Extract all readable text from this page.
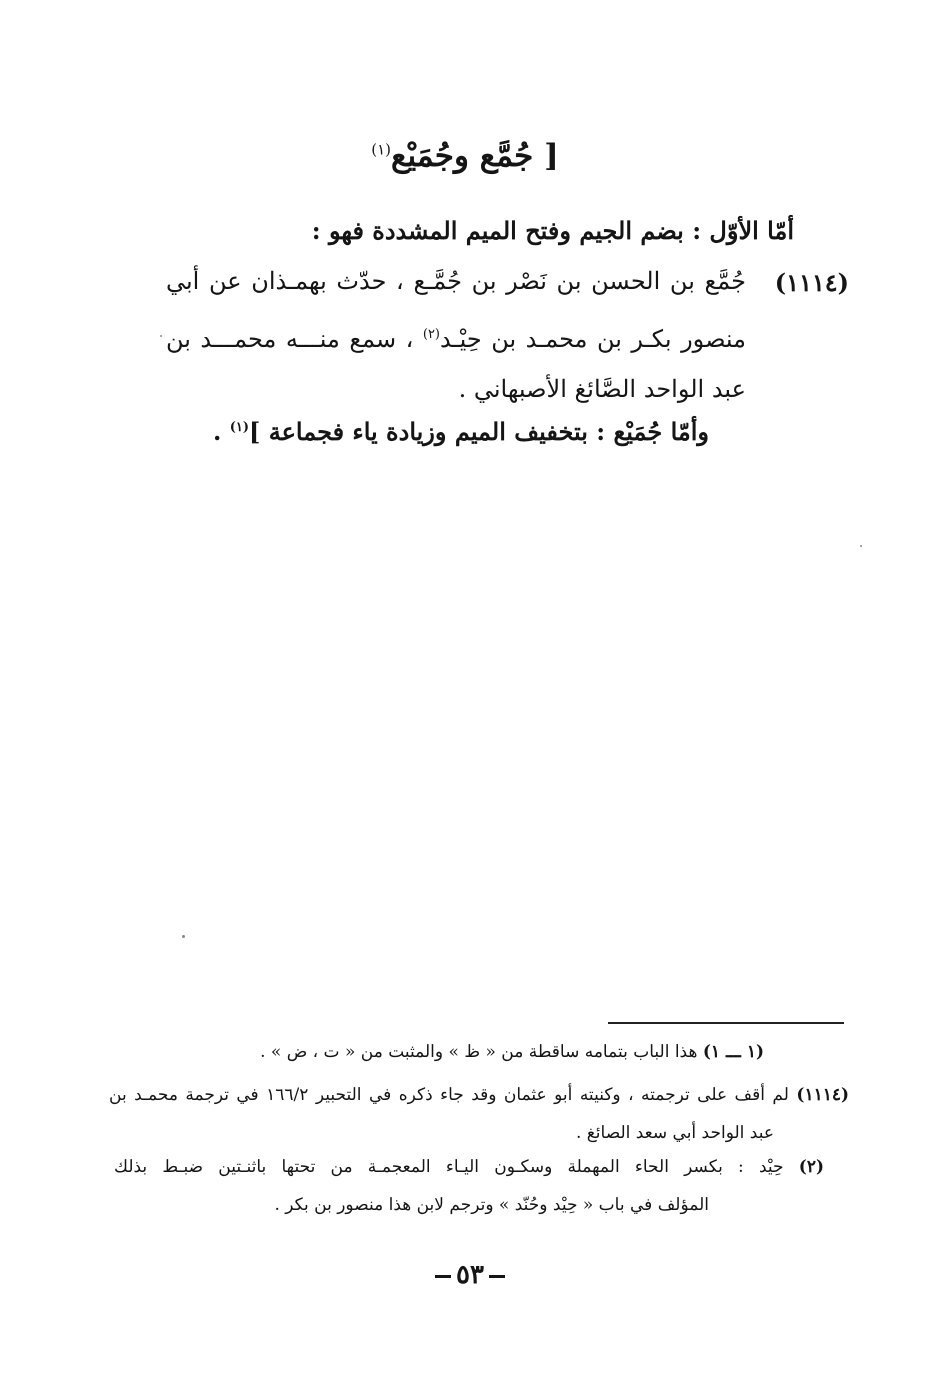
[ جُمَّع وجُمَيْع$^{(١)}$
أمّا الأوّل : بضم الجيم وفتح الميم المشددة فهو :
(١١١٤)
جُمَّع بن الحسن بن نَصْر بن جُمَّـع ، حدّث بهمـذان عن أبي
منصور بكـر بن محمـد بن حِيْـد$^{(٢)}$ ، سمع منـــه محمـــد بن
عبد الواحد الصَّائغ الأصبهاني .
وأمّا جُمَيْع : بتخفيف الميم وزيادة ياء فجماعة ]$^{(١)}$ .
(١ ـــ ١) هذا الباب بتمامه ساقطة من « ظ » والمثبت من « ت ، ض » .
(١١١٤) لم أقف على ترجمته ، وكنيته أبو عثمان وقد جاء ذكره في التحبير ١٦٦/٢ في ترجمة محمـد بن
عبد الواحد أبي سعد الصائغ .
(٢) حِيْد : بكسر الحاء المهملة وسكـون اليـاء المعجمـة من تحتها باثنـتين ضبـط بذلك
المؤلف في باب « حِيْد وحُنّد » وترجم لابن هذا منصور بن بكر .
٥٣
